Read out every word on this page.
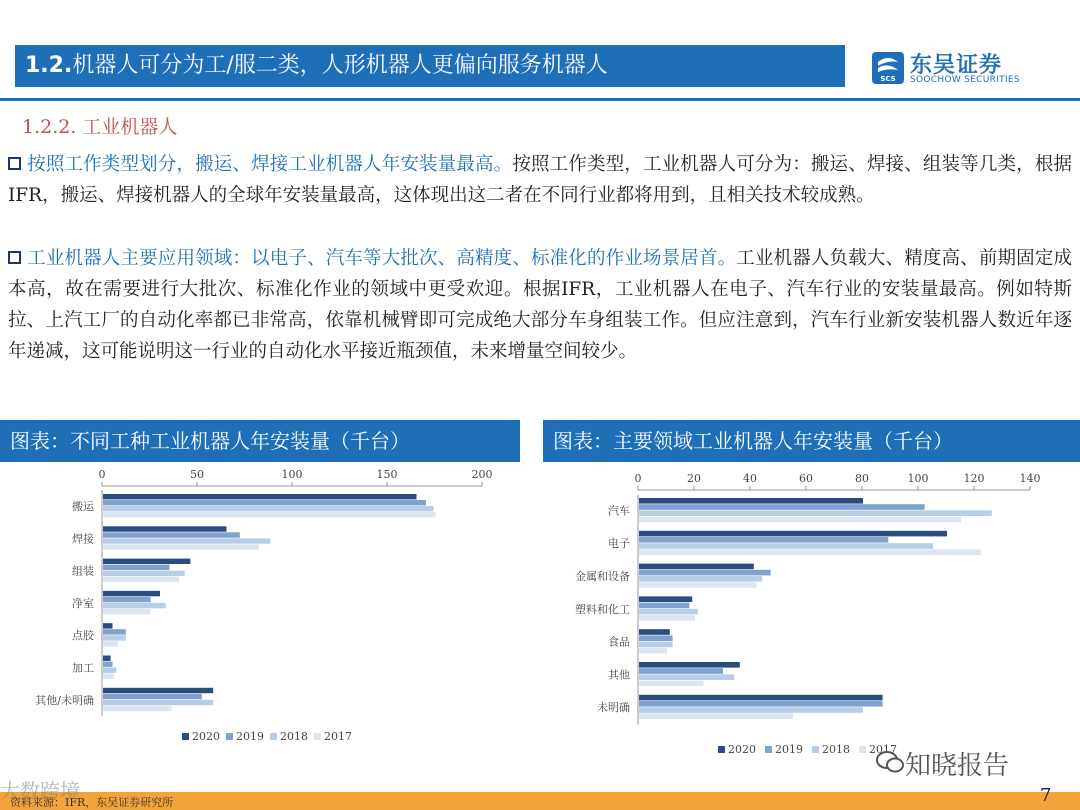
1.2.机器人可分为工/服二类，人形机器人更偏向服务机器人
SCS
东吴证券
SOOCHOW SECURITIES
1.2.2. 工业机器人
按照工作类型划分，搬运、焊接工业机器人年安装量最高。按照工作类型，工业机器人可分为：搬运、焊接、组装等几类，根据IFR，搬运、焊接机器人的全球年安装量最高，这体现出这二者在不同行业都将用到，且相关技术较成熟。
工业机器人主要应用领域：以电子、汽车等大批次、高精度、标准化的作业场景居首。工业机器人负载大、精度高、前期固定成本高，故在需要进行大批次、标准化作业的领域中更受欢迎。根据IFR，工业机器人在电子、汽车行业的安装量最高。例如特斯拉、上汽工厂的自动化率都已非常高，依靠机械臂即可完成绝大部分车身组装工作。但应注意到，汽车行业新安装机器人数近年逐年递减，这可能说明这一行业的自动化水平接近瓶颈值，未来增量空间较少。
图表：不同工种工业机器人年安装量（千台）	图表：主要领域工业机器人年安装量（千台）
0	50	100	150	200
搬运
焊接
组装
净室
点胶
加工
其他/未明确
2020 2019 2018 2017
0	20	40	60	80	100	120	140
汽车
电子
金属和设备
塑料和化工
食品
其他
未明确
2020 2019 2018 2017
资料来源：IFR，东吴证券研究所	7
大数跨境
知晓报告
